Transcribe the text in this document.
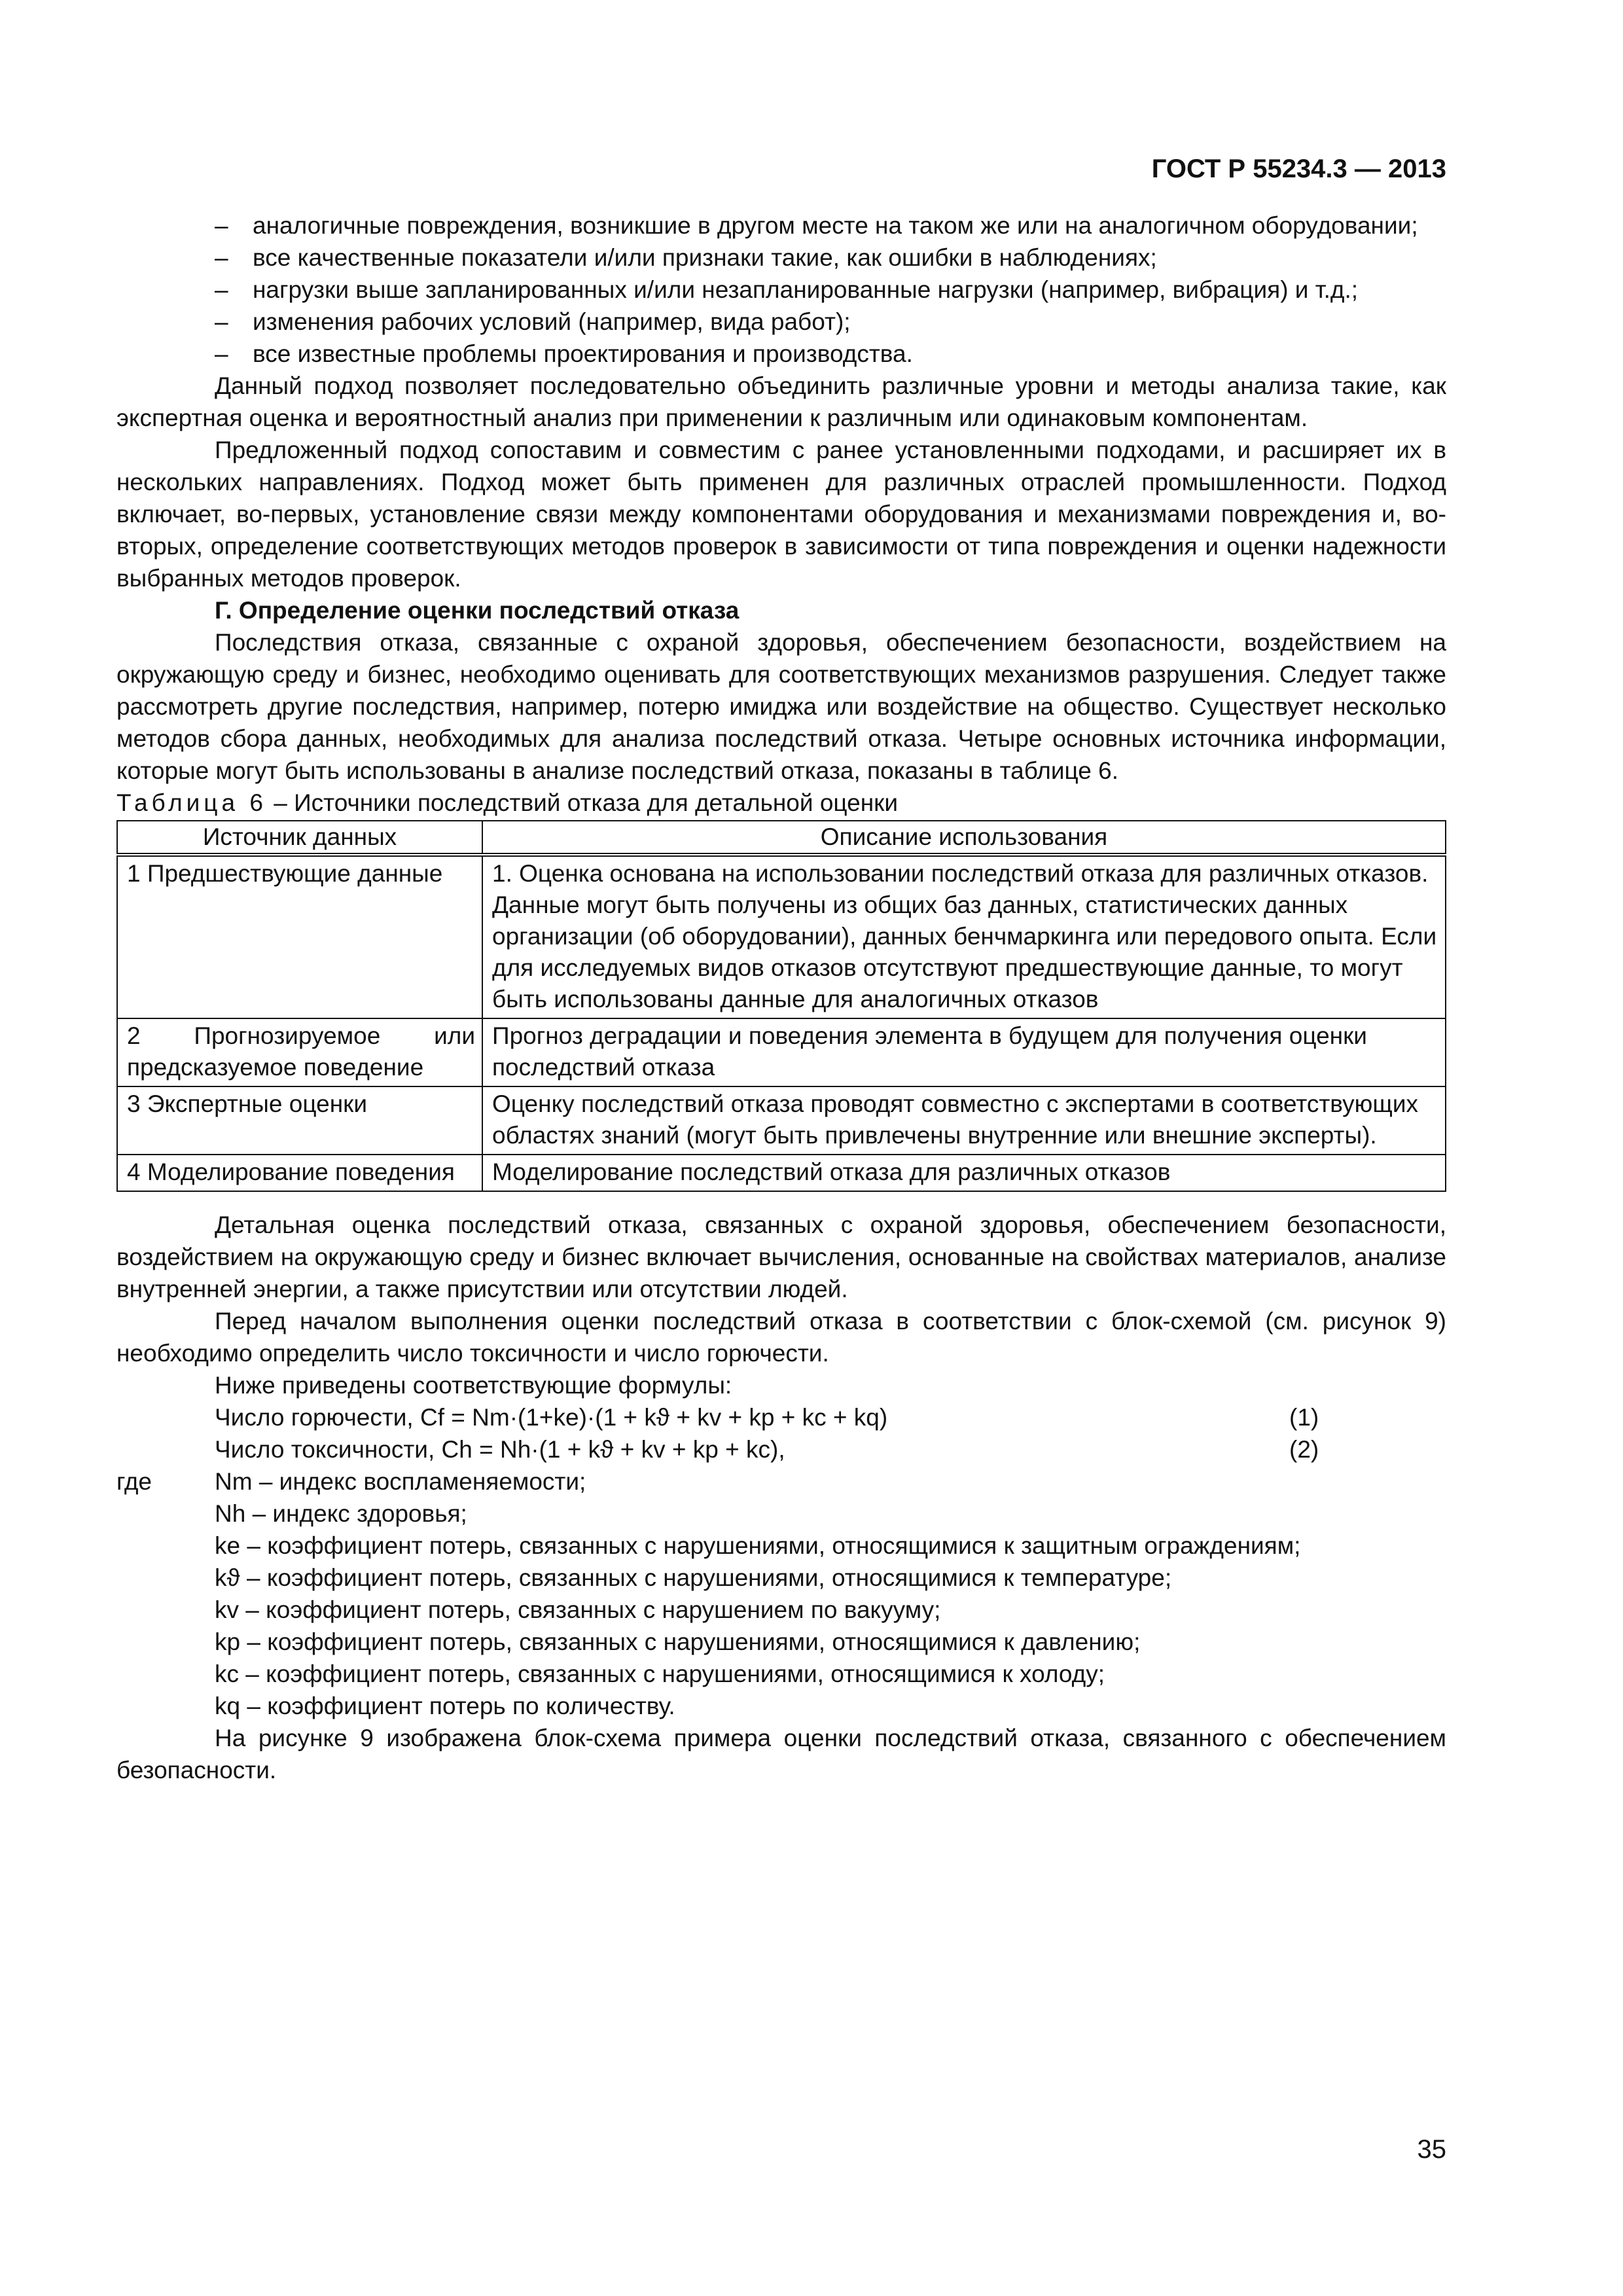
ГОСТ Р 55234.3 — 2013

– аналогичные повреждения, возникшие в другом месте на таком же или на аналогичном оборудовании;

– все качественные показатели и/или признаки такие, как ошибки в наблюдениях;

– нагрузки выше запланированных и/или незапланированные нагрузки (например, вибрация) и т.д.;

– изменения рабочих условий (например, вида работ);

– все известные проблемы проектирования и производства.

Данный подход позволяет последовательно объединить различные уровни и методы анализа такие, как экспертная оценка и вероятностный анализ при применении к различным или одинаковым компонентам.

Предложенный подход сопоставим и совместим с ранее установленными подходами, и расширяет их в нескольких направлениях. Подход может быть применен для различных отраслей промышленности. Подход включает, во-первых, установление связи между компонентами оборудования и механизмами повреждения и, во-вторых, определение соответствующих методов проверок в зависимости от типа повреждения и оценки надежности выбранных методов проверок.

Г. Определение оценки последствий отказа

Последствия отказа, связанные с охраной здоровья, обеспечением безопасности, воздействием на окружающую среду и бизнес, необходимо оценивать для соответствующих механизмов разрушения. Следует также рассмотреть другие последствия, например, потерю имиджа или воздействие на общество. Существует несколько методов сбора данных, необходимых для анализа последствий отказа. Четыре основных источника информации, которые могут быть использованы в анализе последствий отказа, показаны в таблице 6.

Таблица 6 – Источники последствий отказа для детальной оценки

Источник данных	Описание использования
1 Предшествующие данные	1. Оценка основана на использовании последствий отказа для различных отказов. Данные могут быть получены из общих баз данных, статистических данных организации (об оборудовании), данных бенчмаркинга или передового опыта. Если для исследуемых видов отказов отсутствуют предшествующие данные, то могут быть использованы данные для аналогичных отказов
2 Прогнозируемое или предсказуемое поведение	Прогноз деградации и поведения элемента в будущем для получения оценки последствий отказа
3 Экспертные оценки	Оценку последствий отказа проводят совместно с экспертами в соответствующих областях знаний (могут быть привлечены внутренние или внешние эксперты).
4 Моделирование поведения	Моделирование последствий отказа для различных отказов

Детальная оценка последствий отказа, связанных с охраной здоровья, обеспечением безопасности, воздействием на окружающую среду и бизнес включает вычисления, основанные на свойствах материалов, анализе внутренней энергии, а также присутствии или отсутствии людей.

Перед началом выполнения оценки последствий отказа в соответствии с блок-схемой (см. рисунок 9) необходимо определить число токсичности и число горючести.

Ниже приведены соответствующие формулы:

Число горючести, Cf = Nm·(1+ke)·(1 + kϑ + kv + kp + kc + kq)	(1)
Число токсичности, Ch = Nh·(1 + kϑ + kv + kp + kc),	(2)
где	Nm – индекс воспламеняемости;

Nh – индекс здоровья;

ke – коэффициент потерь, связанных с нарушениями, относящимися к защитным ограждениям;

kϑ – коэффициент потерь, связанных с нарушениями, относящимися к температуре;

kv – коэффициент потерь, связанных с нарушением по вакууму;

kp – коэффициент потерь, связанных с нарушениями, относящимися к давлению;

kc – коэффициент потерь, связанных с нарушениями, относящимися к холоду;

kq – коэффициент потерь по количеству.

На рисунке 9 изображена блок-схема примера оценки последствий отказа, связанного с обеспечением безопасности.

35
